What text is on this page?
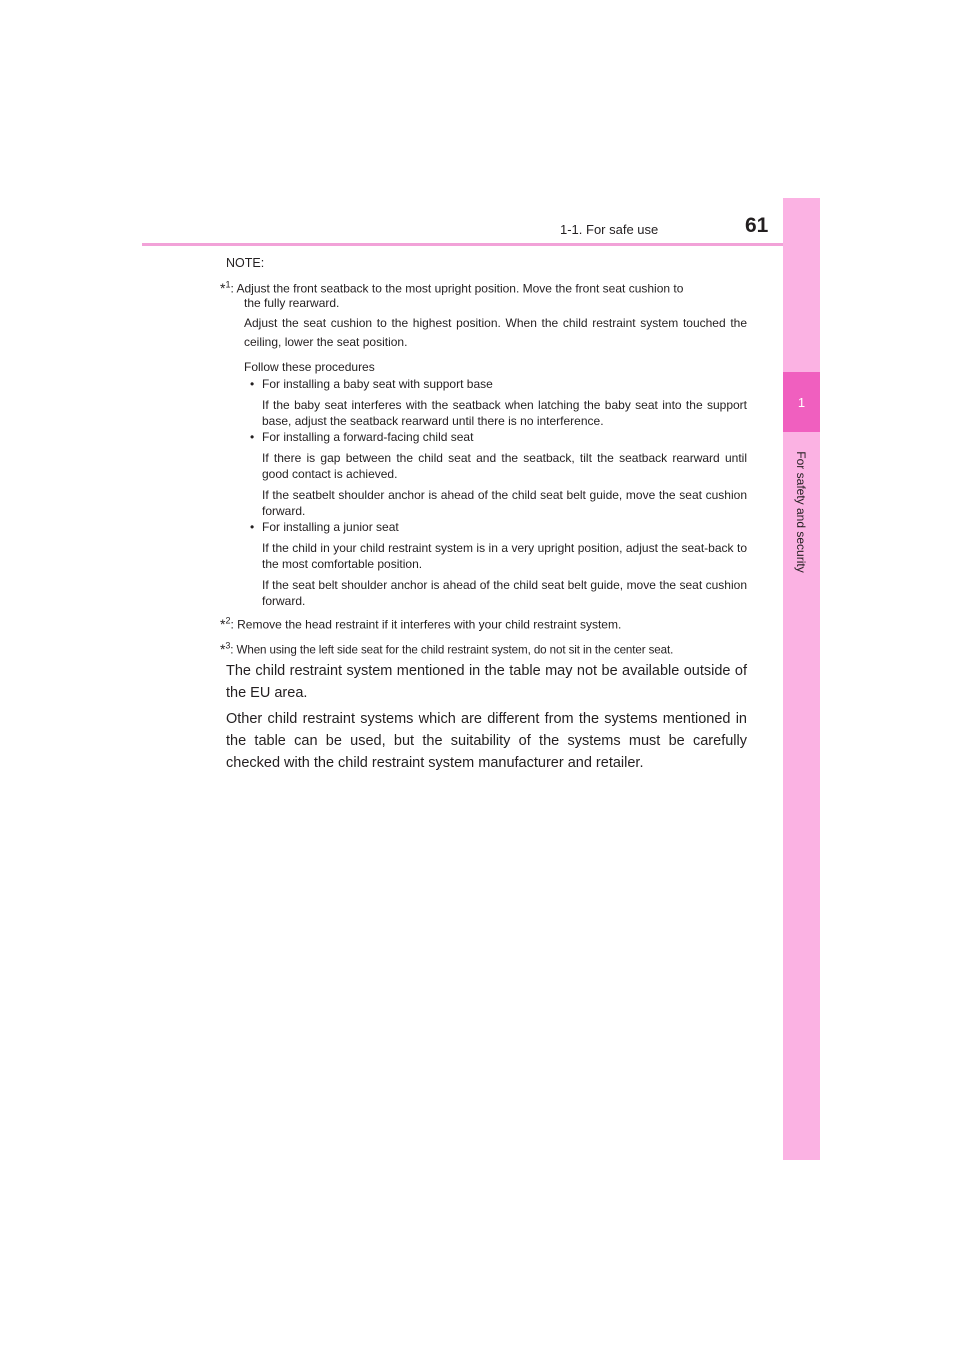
1-1. For safe use	61
1
For safety and security
NOTE:
*$^1$: Adjust the front seatback to the most upright position. Move the front seat cushion to
the fully rearward.
Adjust the seat cushion to the highest position. When the child restraint system touched the ceiling, lower the seat position.
Follow these procedures
• For installing a baby seat with support base
If the baby seat interferes with the seatback when latching the baby seat into the support base, adjust the seatback rearward until there is no interference.
• For installing a forward-facing child seat
If there is gap between the child seat and the seatback, tilt the seatback rearward until good contact is achieved.
If the seatbelt shoulder anchor is ahead of the child seat belt guide, move the seat cushion forward.
• For installing a junior seat
If the child in your child restraint system is in a very upright position, adjust the seat-back to the most comfortable position.
If the seat belt shoulder anchor is ahead of the child seat belt guide, move the seat cushion forward.
*$^2$: Remove the head restraint if it interferes with your child restraint system.
*$^3$: When using the left side seat for the child restraint system, do not sit in the center seat.
The child restraint system mentioned in the table may not be available outside of the EU area.
Other child restraint systems which are different from the systems mentioned in the table can be used, but the suitability of the systems must be carefully checked with the child restraint system manufacturer and retailer.
